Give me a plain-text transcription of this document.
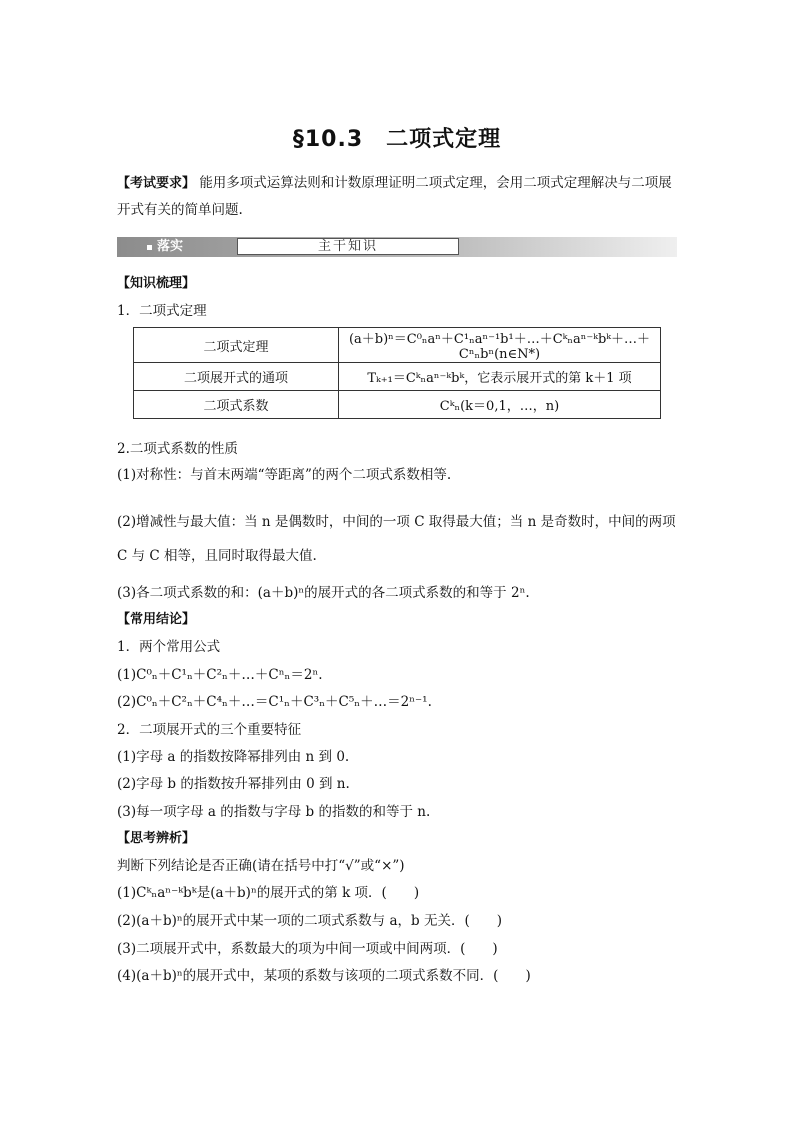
§10.3　二项式定理
【考试要求】 能用多项式运算法则和计数原理证明二项式定理，会用二项式定理解决与二项展开式有关的简单问题.
落实	主干知识
【知识梳理】
1．二项式定理
二项式定理	(a＋b)ⁿ＝C⁰ₙaⁿ＋C¹ₙaⁿ⁻¹b¹＋…＋Cᵏₙaⁿ⁻ᵏbᵏ＋…＋Cⁿₙbⁿ(n∈N*)
二项展开式的通项	Tₖ₊₁＝Cᵏₙaⁿ⁻ᵏbᵏ，它表示展开式的第 k＋1 项
二项式系数	Cᵏₙ(k＝0,1，…，n)
2.二项式系数的性质
(1)对称性：与首末两端“等距离”的两个二项式系数相等.
(2)增减性与最大值：当 n 是偶数时，中间的一项 C 取得最大值；当 n 是奇数时，中间的两项 C 与 C 相等，且同时取得最大值.
(3)各二项式系数的和：(a＋b)ⁿ的展开式的各二项式系数的和等于 2ⁿ.
【常用结论】
1．两个常用公式
(1)C⁰ₙ＋C¹ₙ＋C²ₙ＋…＋Cⁿₙ＝2ⁿ.
(2)C⁰ₙ＋C²ₙ＋C⁴ₙ＋…＝C¹ₙ＋C³ₙ＋C⁵ₙ＋…＝2ⁿ⁻¹.
2．二项展开式的三个重要特征
(1)字母 a 的指数按降幂排列由 n 到 0.
(2)字母 b 的指数按升幂排列由 0 到 n.
(3)每一项字母 a 的指数与字母 b 的指数的和等于 n.
【思考辨析】
判断下列结论是否正确(请在括号中打“√”或“×”)
(1)Cᵏₙaⁿ⁻ᵏbᵏ是(a＋b)ⁿ的展开式的第 k 项．(　　)
(2)(a＋b)ⁿ的展开式中某一项的二项式系数与 a，b 无关．(　　)
(3)二项展开式中，系数最大的项为中间一项或中间两项．(　　)
(4)(a＋b)ⁿ的展开式中，某项的系数与该项的二项式系数不同．(　　)
